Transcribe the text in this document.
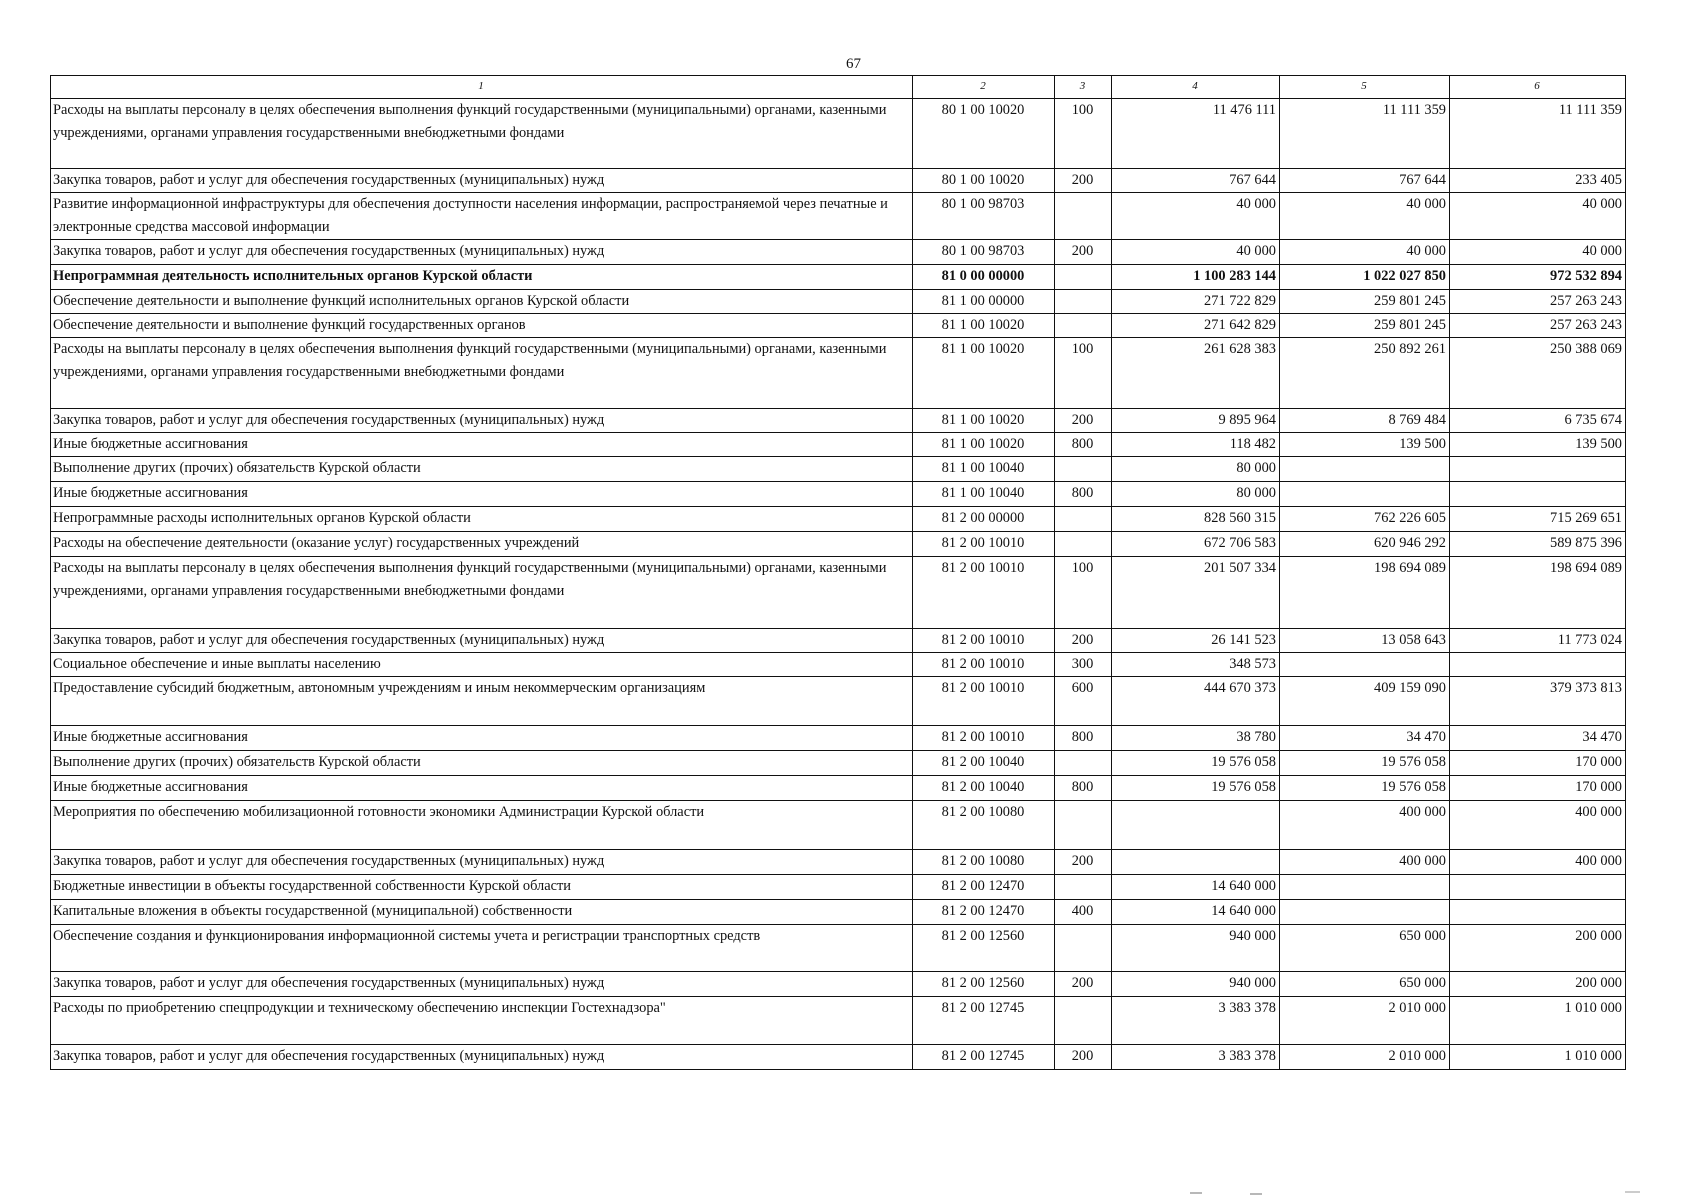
67
1	2	3	4	5	6
Расходы на выплаты персоналу в целях обеспечения выполнения функций государственными (муниципальными) органами, казенными учреждениями, органами управления государственными внебюджетными фондами	80 1 00 10020	100	11 476 111	11 111 359	11 111 359
Закупка товаров, работ и услуг для обеспечения государственных (муниципальных) нужд	80 1 00 10020	200	767 644	767 644	233 405
Развитие информационной инфраструктуры для обеспечения доступности населения информации, распространяемой через печатные и электронные средства массовой информации	80 1 00 98703		40 000	40 000	40 000
Закупка товаров, работ и услуг для обеспечения государственных (муниципальных) нужд	80 1 00 98703	200	40 000	40 000	40 000
Непрограммная деятельность исполнительных органов Курской области	81 0 00 00000		1 100 283 144	1 022 027 850	972 532 894
Обеспечение деятельности и выполнение функций исполнительных органов Курской области	81 1 00 00000		271 722 829	259 801 245	257 263 243
Обеспечение деятельности и выполнение функций государственных органов	81 1 00 10020		271 642 829	259 801 245	257 263 243
Расходы на выплаты персоналу в целях обеспечения выполнения функций государственными (муниципальными) органами, казенными учреждениями, органами управления государственными внебюджетными фондами	81 1 00 10020	100	261 628 383	250 892 261	250 388 069
Закупка товаров, работ и услуг для обеспечения государственных (муниципальных) нужд	81 1 00 10020	200	9 895 964	8 769 484	6 735 674
Иные бюджетные ассигнования	81 1 00 10020	800	118 482	139 500	139 500
Выполнение других (прочих) обязательств Курской области	81 1 00 10040		80 000		
Иные бюджетные ассигнования	81 1 00 10040	800	80 000		
Непрограммные расходы исполнительных органов Курской области	81 2 00 00000		828 560 315	762 226 605	715 269 651
Расходы на обеспечение деятельности (оказание услуг) государственных учреждений	81 2 00 10010		672 706 583	620 946 292	589 875 396
Расходы на выплаты персоналу в целях обеспечения выполнения функций государственными (муниципальными) органами, казенными учреждениями, органами управления государственными внебюджетными фондами	81 2 00 10010	100	201 507 334	198 694 089	198 694 089
Закупка товаров, работ и услуг для обеспечения государственных (муниципальных) нужд	81 2 00 10010	200	26 141 523	13 058 643	11 773 024
Социальное обеспечение и иные выплаты населению	81 2 00 10010	300	348 573		
Предоставление субсидий бюджетным, автономным учреждениям и иным некоммерческим организациям	81 2 00 10010	600	444 670 373	409 159 090	379 373 813
Иные бюджетные ассигнования	81 2 00 10010	800	38 780	34 470	34 470
Выполнение других (прочих) обязательств Курской области	81 2 00 10040		19 576 058	19 576 058	170 000
Иные бюджетные ассигнования	81 2 00 10040	800	19 576 058	19 576 058	170 000
Мероприятия по обеспечению мобилизационной готовности экономики Администрации Курской области	81 2 00 10080			400 000	400 000
Закупка товаров, работ и услуг для обеспечения государственных (муниципальных) нужд	81 2 00 10080	200		400 000	400 000
Бюджетные инвестиции в объекты государственной собственности Курской области	81 2 00 12470		14 640 000		
Капитальные вложения в объекты государственной (муниципальной) собственности	81 2 00 12470	400	14 640 000		
Обеспечение создания и функционирования информационной системы учета и регистрации транспортных средств	81 2 00 12560		940 000	650 000	200 000
Закупка товаров, работ и услуг для обеспечения государственных (муниципальных) нужд	81 2 00 12560	200	940 000	650 000	200 000
Расходы по приобретению спецпродукции и техническому обеспечению инспекции Гостехнадзора"	81 2 00 12745		3 383 378	2 010 000	1 010 000
Закупка товаров, работ и услуг для обеспечения государственных (муниципальных) нужд	81 2 00 12745	200	3 383 378	2 010 000	1 010 000
